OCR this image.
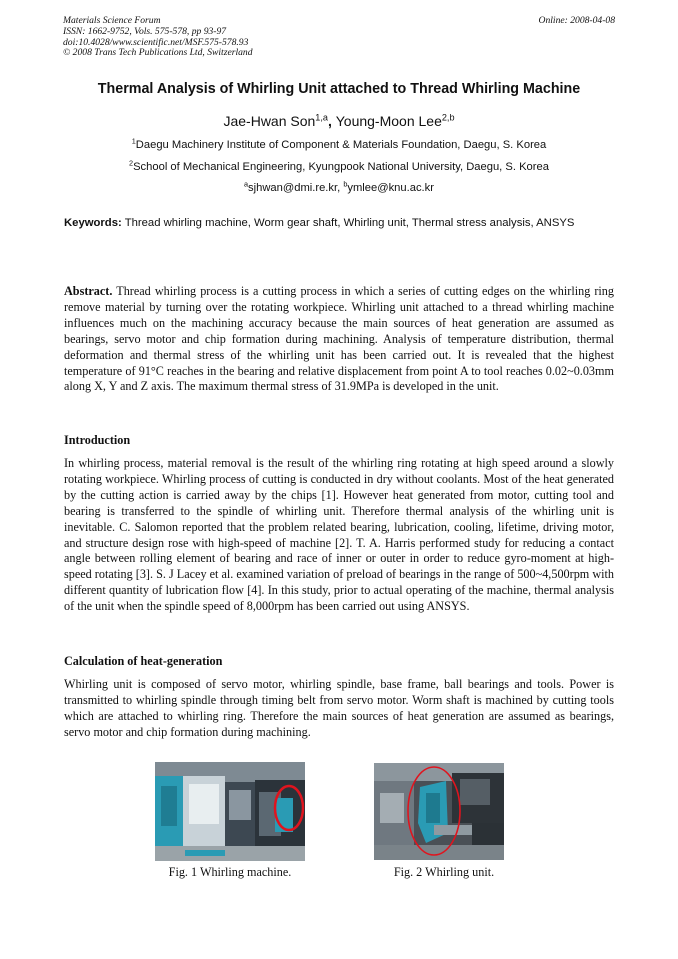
Materials Science Forum
ISSN: 1662-9752, Vols. 575-578, pp 93-97
doi:10.4028/www.scientific.net/MSF.575-578.93
© 2008 Trans Tech Publications Ltd, Switzerland
Online: 2008-04-08
Thermal Analysis of Whirling Unit attached to Thread Whirling Machine
Jae-Hwan Son$^{1,a}$, Young-Moon Lee$^{2,b}$
$^1$Daegu Machinery Institute of Component & Materials Foundation, Daegu, S. Korea
$^2$School of Mechanical Engineering, Kyungpook National University, Daegu, S. Korea
$^a$sjhwan@dmi.re.kr, $^b$ymlee@knu.ac.kr
Keywords: Thread whirling machine, Worm gear shaft, Whirling unit, Thermal stress analysis, ANSYS
Abstract. Thread whirling process is a cutting process in which a series of cutting edges on the whirling ring remove material by turning over the rotating workpiece. Whirling unit attached to a thread whirling machine influences much on the machining accuracy because the main sources of heat generation are assumed as bearings, servo motor and chip formation during machining. Analysis of temperature distribution, thermal deformation and thermal stress of the whirling unit has been carried out. It is revealed that the highest temperature of 91°C reaches in the bearing and relative displacement from point A to tool reaches 0.02~0.03mm along X, Y and Z axis. The maximum thermal stress of 31.9MPa is developed in the unit.
Introduction
In whirling process, material removal is the result of the whirling ring rotating at high speed around a slowly rotating workpiece. Whirling process of cutting is conducted in dry without coolants. Most of the heat generated by the cutting action is carried away by the chips [1]. However heat generated from motor, cutting tool and bearing is transferred to the spindle of whirling unit. Therefore thermal analysis of the whirling unit is inevitable. C. Salomon reported that the problem related bearing, lubrication, cooling, lifetime, driving motor, and structure design rose with high-speed of machine [2]. T. A. Harris performed study for reducing a contact angle between rolling element of bearing and race of inner or outer in order to reduce gyro-moment at high-speed rotating [3]. S. J Lacey et al. examined variation of preload of bearings in the range of 500~4,500rpm with different quantity of lubrication flow [4]. In this study, prior to actual operating of the machine, thermal analysis of the unit when the spindle speed of 8,000rpm has been carried out using ANSYS.
Calculation of heat-generation
Whirling unit is composed of servo motor, whirling spindle, base frame, ball bearings and tools. Power is transmitted to whirling spindle through timing belt from servo motor. Worm shaft is machined by cutting tools which are attached to whirling ring. Therefore the main sources of heat generation are assumed as bearings, servo motor and chip formation during machining.
Fig. 1 Whirling machine.	Fig. 2 Whirling unit.
